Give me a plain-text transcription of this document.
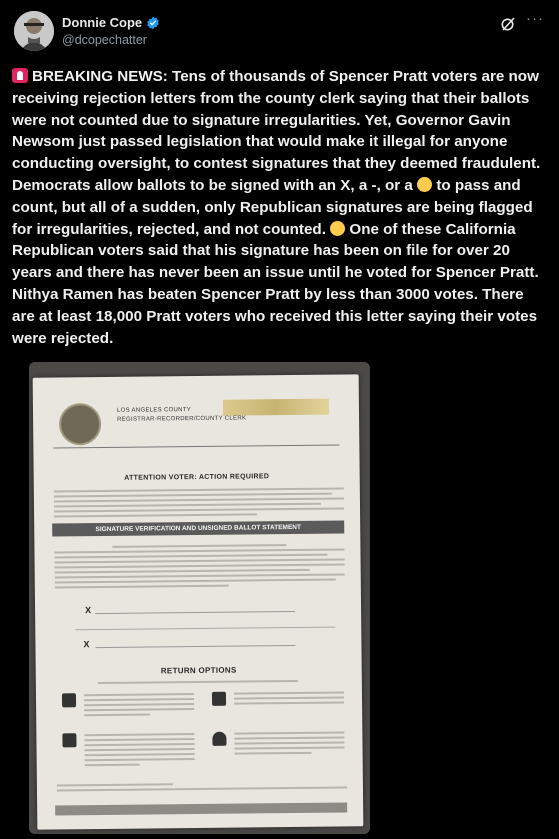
Donnie Cope
@dcopechatter
···
BREAKING NEWS: Tens of thousands of Spencer Pratt voters are now receiving rejection letters from the county clerk saying that their ballots were not counted due to signature irregularities. Yet, Governor Gavin Newsom just passed legislation that would make it illegal for anyone conducting oversight, to contest signatures that they deemed fraudulent. Democrats allow ballots to be signed with an X, a -, or a  to pass and count, but all of a sudden, only Republican signatures are being flagged for irregularities, rejected, and not counted.  One of these California Republican voters said that his signature has been on file for over 20 years and there has never been an issue until he voted for Spencer Pratt. Nithya Ramen has beaten Spencer Pratt by less than 3000 votes. There are at least 18,000 Pratt voters who received this letter saying their votes were rejected.
LOS ANGELES COUNTY
REGISTRAR-RECORDER/COUNTY CLERK
ATTENTION VOTER: ACTION REQUIRED
SIGNATURE VERIFICATION AND UNSIGNED BALLOT STATEMENT
X
X
RETURN OPTIONS
